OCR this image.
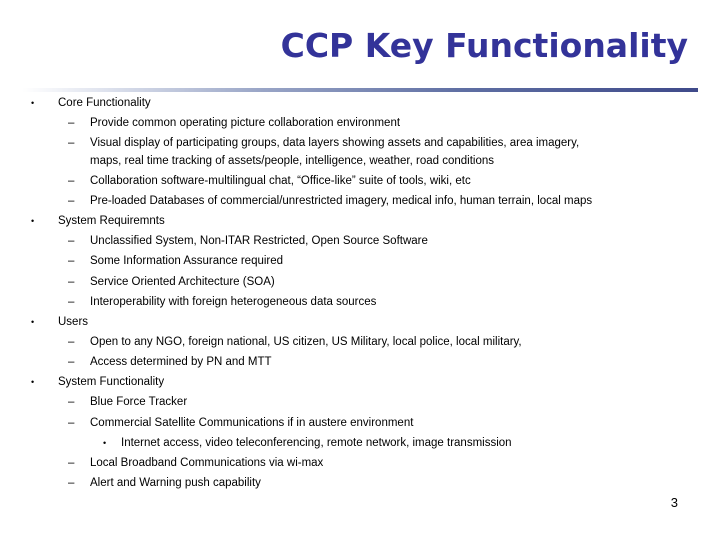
CCP Key Functionality
• Core Functionality
– Provide common operating picture collaboration environment
– Visual display of participating groups, data layers showing assets and capabilities, area imagery,
maps, real time tracking of assets/people, intelligence, weather, road conditions
– Collaboration software-multilingual chat, “Office-like” suite of tools, wiki, etc
– Pre-loaded Databases of commercial/unrestricted imagery, medical info, human terrain, local maps
• System Requiremnts
– Unclassified System, Non-ITAR Restricted, Open Source Software
– Some Information Assurance required
– Service Oriented Architecture (SOA)
– Interoperability with foreign heterogeneous data sources
• Users
– Open to any NGO, foreign national, US citizen, US Military, local police, local military,
– Access determined by PN and MTT
• System Functionality
– Blue Force Tracker
– Commercial Satellite Communications if in austere environment
• Internet access, video teleconferencing, remote network, image transmission
– Local Broadband Communications via wi-max
– Alert and Warning push capability
3
